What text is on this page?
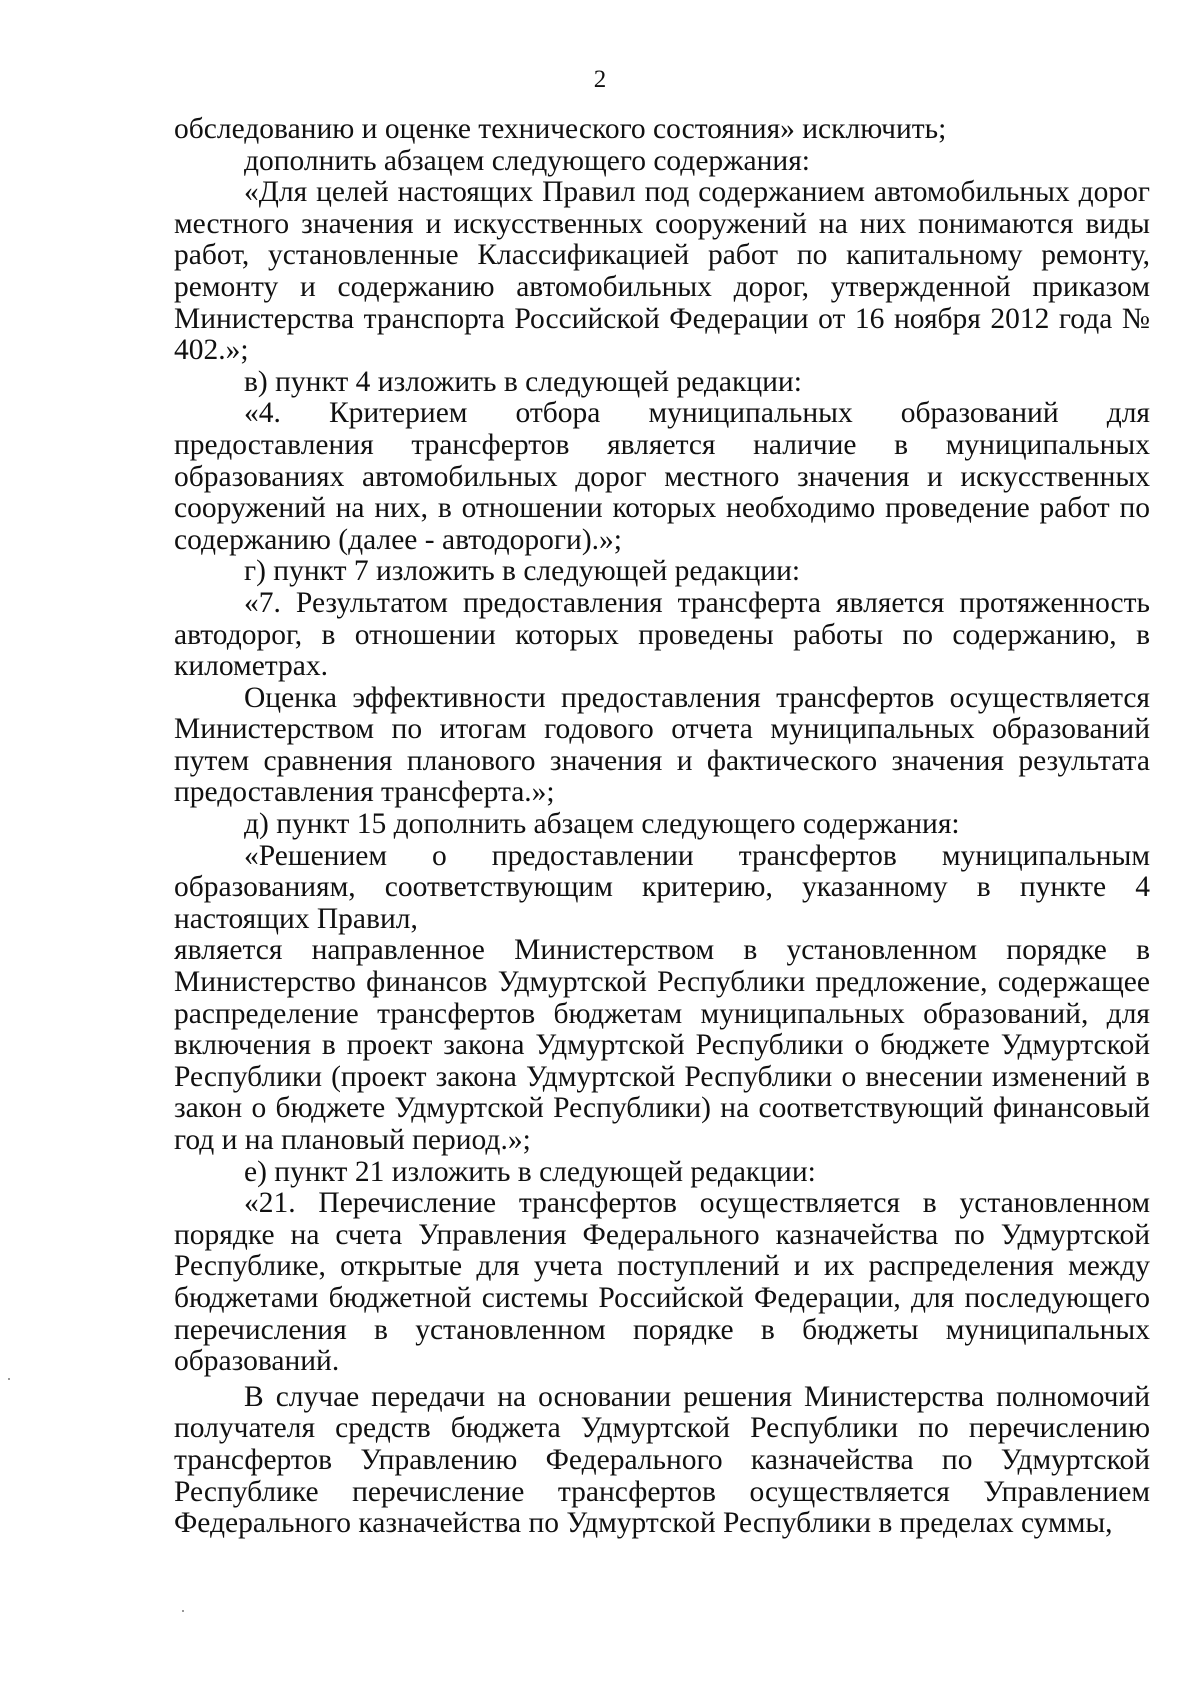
2

обследованию и оценке технического состояния» исключить;

дополнить абзацем следующего содержания:

«Для целей настоящих Правил под содержанием автомобильных дорог местного значения и искусственных сооружений на них понимаются виды работ, установленные Классификацией работ по капитальному ремонту, ремонту и содержанию автомобильных дорог, утвержденной приказом Министерства транспорта Российской Федерации от 16 ноября 2012 года № 402.»;

в) пункт 4 изложить в следующей редакции:

«4. Критерием отбора муниципальных образований для предоставления трансфертов является наличие в муниципальных образованиях автомобильных дорог местного значения и искусственных сооружений на них, в отношении которых необходимо проведение работ по содержанию (далее - автодороги).»;

г) пункт 7 изложить в следующей редакции:

«7. Результатом предоставления трансферта является протяженность автодорог, в отношении которых проведены работы по содержанию, в километрах.

Оценка эффективности предоставления трансфертов осуществляется Министерством по итогам годового отчета муниципальных образований путем сравнения планового значения и фактического значения результата предоставления трансферта.»;

д) пункт 15 дополнить абзацем следующего содержания:

«Решением о предоставлении трансфертов муниципальным образованиям, соответствующим критерию, указанному в пункте 4 настоящих Правил,

является направленное Министерством в установленном порядке в Министерство финансов Удмуртской Республики предложение, содержащее распределение трансфертов бюджетам муниципальных образований, для включения в проект закона Удмуртской Республики о бюджете Удмуртской Республики (проект закона Удмуртской Республики о внесении изменений в закон о бюджете Удмуртской Республики) на соответствующий финансовый год и на плановый период.»;

е) пункт 21 изложить в следующей редакции:

«21. Перечисление трансфертов осуществляется в установленном порядке на счета Управления Федерального казначейства по Удмуртской Республике, открытые для учета поступлений и их распределения между бюджетами бюджетной системы Российской Федерации, для последующего перечисления в установленном порядке в бюджеты муниципальных образований.

В случае передачи на основании решения Министерства полномочий получателя средств бюджета Удмуртской Республики по перечислению трансфертов Управлению Федерального казначейства по Удмуртской Республике перечисление трансфертов осуществляется Управлением Федерального казначейства по Удмуртской Республики в пределах суммы,
